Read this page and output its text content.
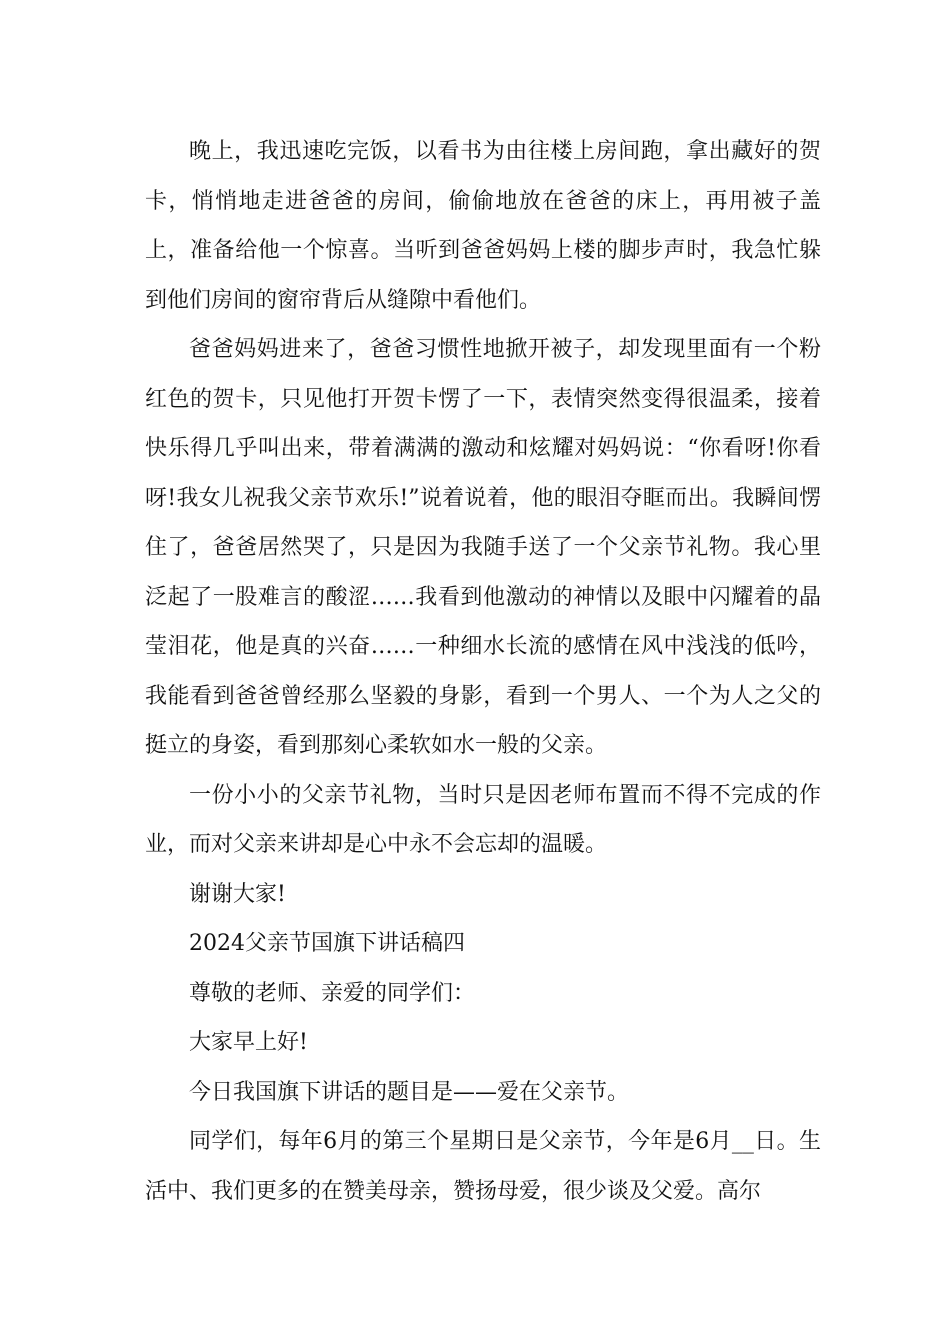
晚上，我迅速吃完饭，以看书为由往楼上房间跑，拿出藏好的贺卡，悄悄地走进爸爸的房间，偷偷地放在爸爸的床上，再用被子盖上，准备给他一个惊喜。当听到爸爸妈妈上楼的脚步声时，我急忙躲到他们房间的窗帘背后从缝隙中看他们。

爸爸妈妈进来了，爸爸习惯性地掀开被子，却发现里面有一个粉红色的贺卡，只见他打开贺卡愣了一下，表情突然变得很温柔，接着快乐得几乎叫出来，带着满满的激动和炫耀对妈妈说：“你看呀!你看呀!我女儿祝我父亲节欢乐!”说着说着，他的眼泪夺眶而出。我瞬间愣住了，爸爸居然哭了，只是因为我随手送了一个父亲节礼物。我心里泛起了一股难言的酸涩……我看到他激动的神情以及眼中闪耀着的晶莹泪花，他是真的兴奋……一种细水长流的感情在风中浅浅的低吟，我能看到爸爸曾经那么坚毅的身影，看到一个男人、一个为人之父的挺立的身姿，看到那刻心柔软如水一般的父亲。

一份小小的父亲节礼物，当时只是因老师布置而不得不完成的作业，而对父亲来讲却是心中永不会忘却的温暖。

谢谢大家!

2024父亲节国旗下讲话稿四

尊敬的老师、亲爱的同学们：

大家早上好!

今日我国旗下讲话的题目是——爱在父亲节。

同学们，每年6月的第三个星期日是父亲节，今年是6月__日。生活中、我们更多的在赞美母亲，赞扬母爱，很少谈及父爱。高尔
